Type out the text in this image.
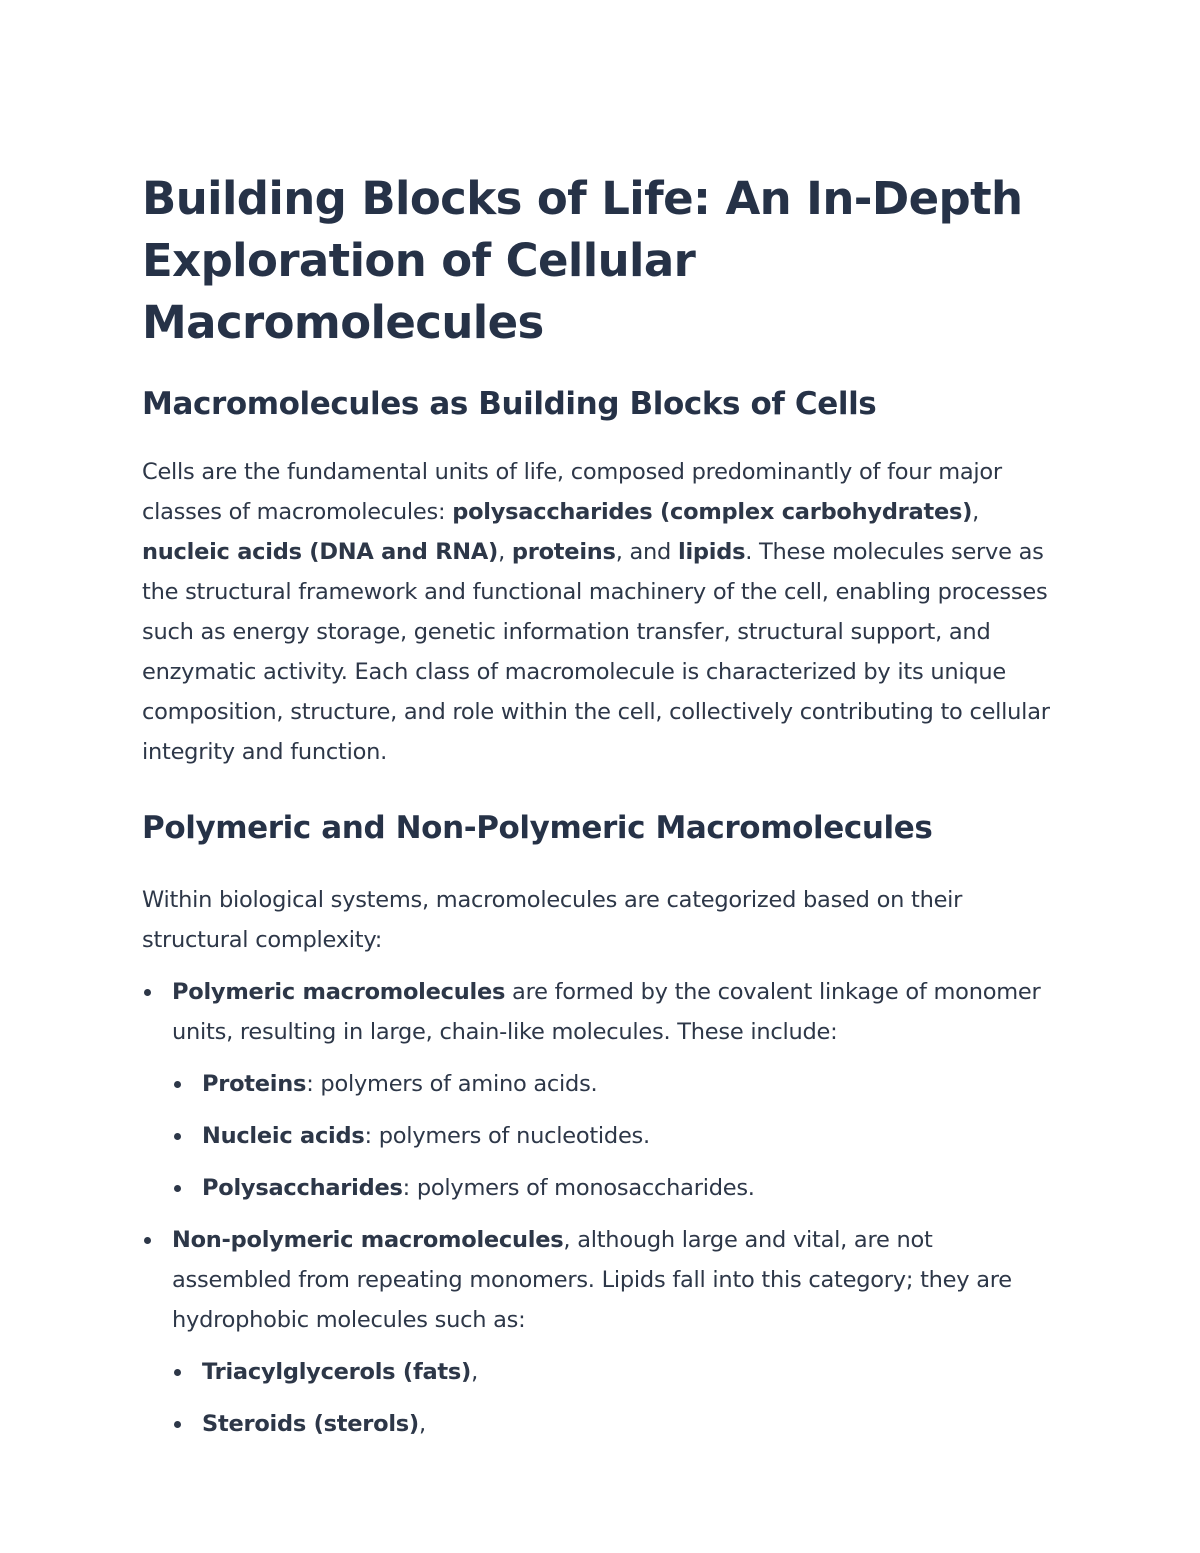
Building Blocks of Life: An In-Depth Exploration of Cellular Macromolecules
Macromolecules as Building Blocks of Cells

Cells are the fundamental units of life, composed predominantly of four major classes of macromolecules: polysaccharides (complex carbohydrates), nucleic acids (DNA and RNA), proteins, and lipids. These molecules serve as the structural framework and functional machinery of the cell, enabling processes such as energy storage, genetic information transfer, structural support, and enzymatic activity. Each class of macromolecule is characterized by its unique composition, structure, and role within the cell, collectively contributing to cellular integrity and function.

Polymeric and Non-Polymeric Macromolecules

Within biological systems, macromolecules are categorized based on their structural complexity:

Polymeric macromolecules are formed by the covalent linkage of monomer units, resulting in large, chain-like molecules. These include:
Proteins: polymers of amino acids.
Nucleic acids: polymers of nucleotides.
Polysaccharides: polymers of monosaccharides.
Non-polymeric macromolecules, although large and vital, are not assembled from repeating monomers. Lipids fall into this category; they are hydrophobic molecules such as:
Triacylglycerols (fats),
Steroids (sterols),
